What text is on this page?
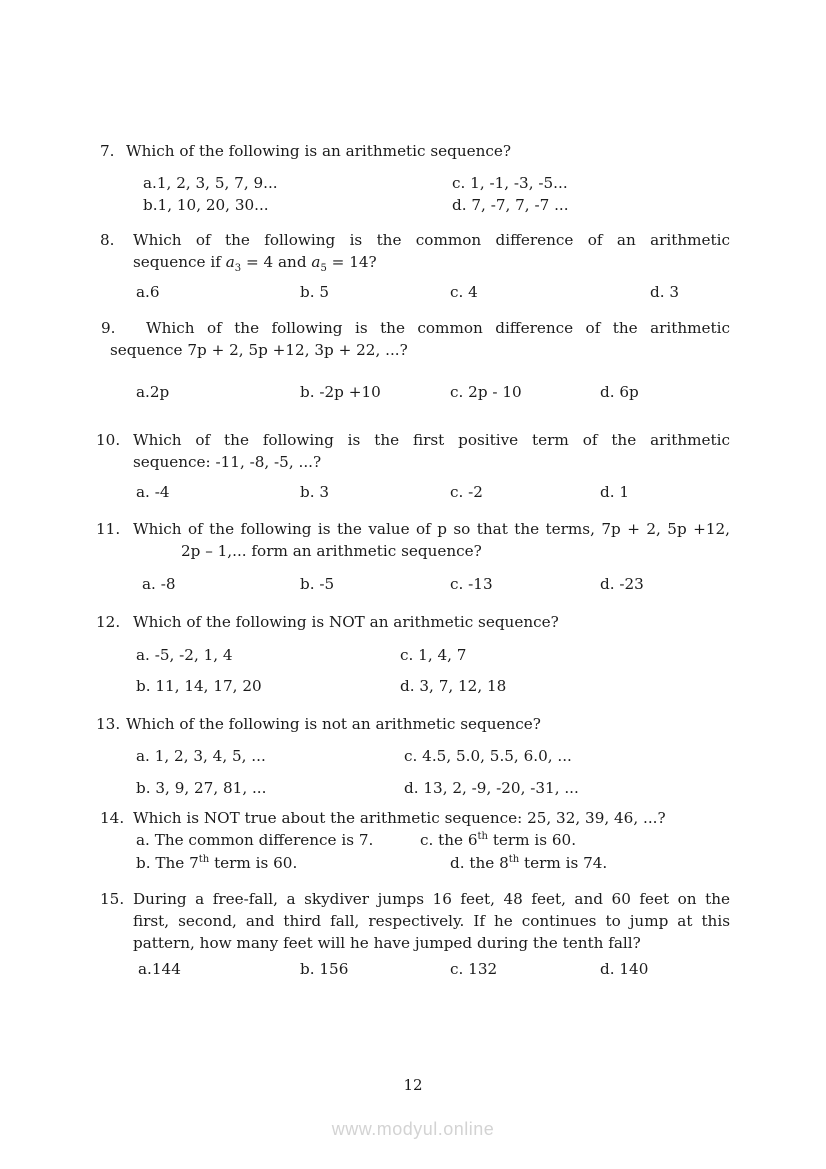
7. Which of the following is an arithmetic sequence?
a.1, 2, 3, 5, 7, 9...	c. 1, -1, -3, -5...
b.1, 10, 20, 30...	d. 7, -7, 7, -7 ...
8.	Which of the following is the common difference of an arithmetic
sequence if $a_3 = 4$ and $a_5 = 14$?
a.6	b. 5	c. 4	d. 3
9.	Which of the following is the common difference of the arithmetic
sequence 7p + 2, 5p +12, 3p + 22, ...?
a.2p	b. -2p +10	c. 2p - 10	d. 6p
10. Which of the following is the first positive term of the arithmetic
sequence: -11, -8, -5, ...?
a. -4	b. 3	c. -2	d. 1
11. Which of the following is the value of p so that the terms, 7p + 2, 5p +12,
2p – 1,... form an arithmetic sequence?
a. -8	b. -5	c. -13	d. -23
12. Which of the following is NOT an arithmetic sequence?
a. -5, -2, 1, 4	c. 1, 4, 7
b. 11, 14, 17, 20	d. 3, 7, 12, 18
13. Which of the following is not an arithmetic sequence?
a. 1, 2, 3, 4, 5, ...	c. 4.5, 5.0, 5.5, 6.0, ...
b. 3, 9, 27, 81, ...	d. 13, 2, -9, -20, -31, ...
14. Which is NOT true about the arithmetic sequence: 25, 32, 39, 46, ...?
a. The common difference is 7.	c. the 6th term is 60.
b. The 7th term is 60.	d. the 8th term is 74.
15. During a free-fall, a skydiver jumps 16 feet, 48 feet, and 60 feet on the
first, second, and third fall, respectively. If he continues to jump at this
pattern, how many feet will he have jumped during the tenth fall?
a.144	b. 156	c. 132	d. 140
12
www.modyul.online
